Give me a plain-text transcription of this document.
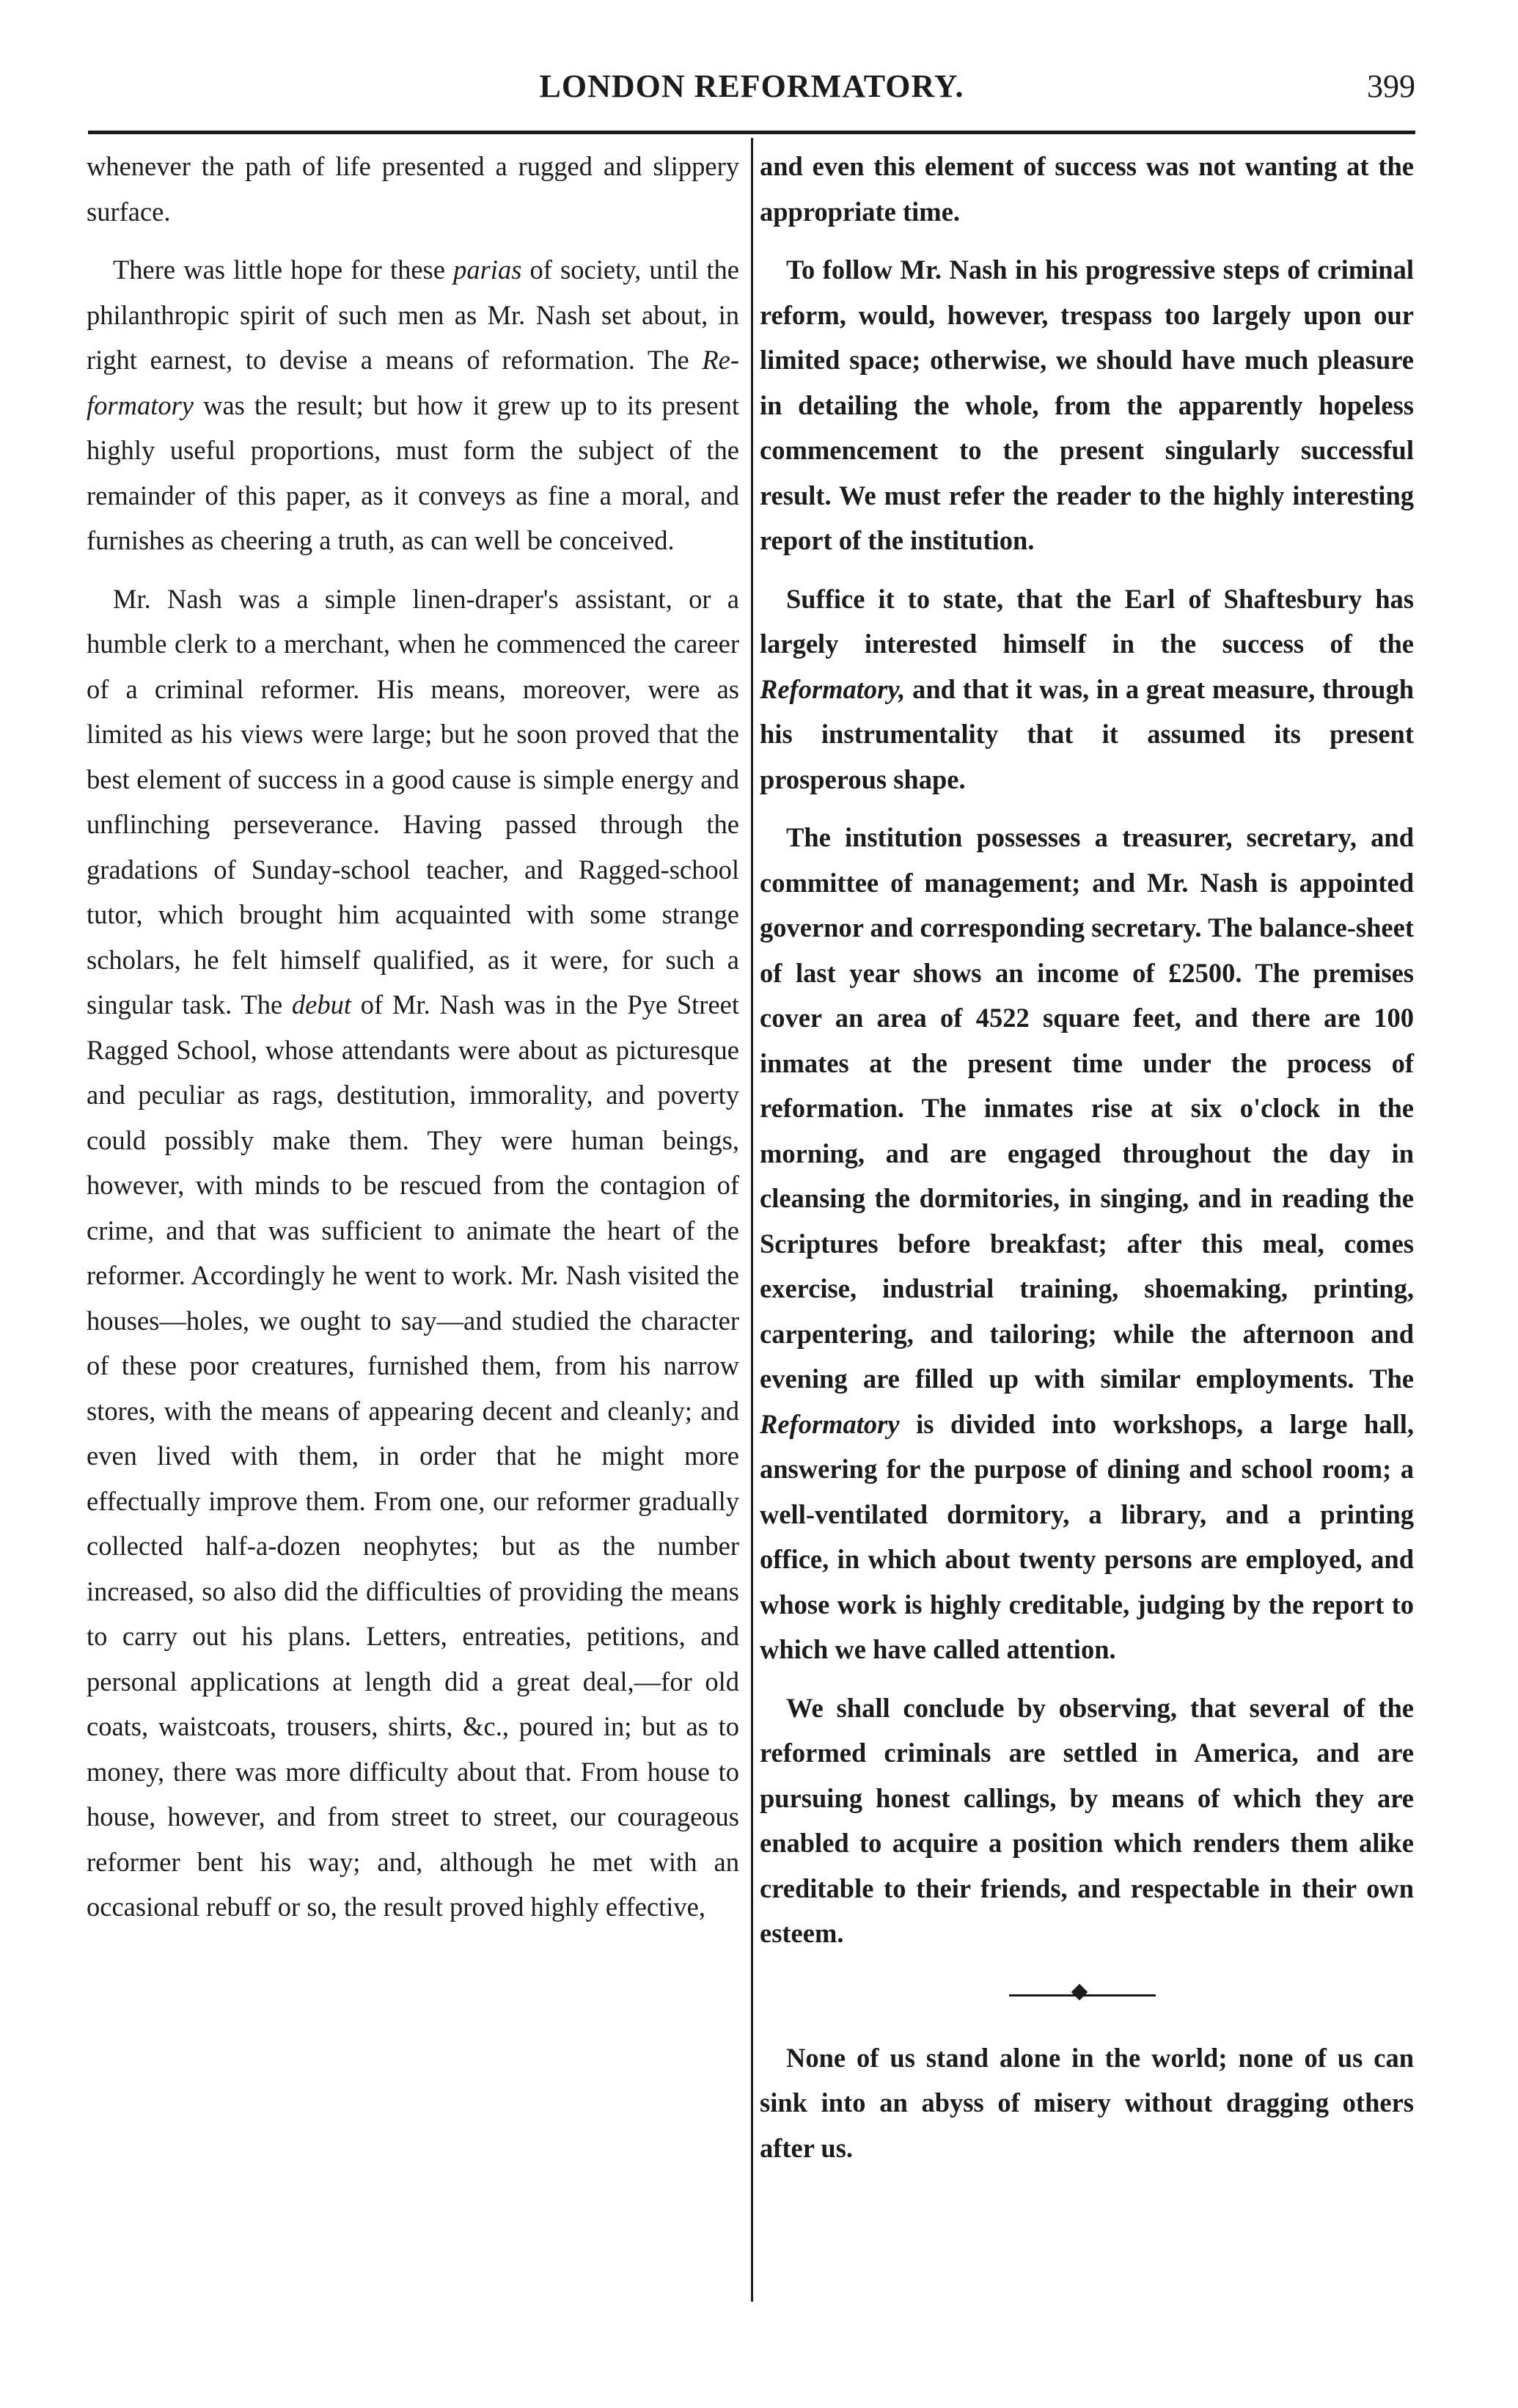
LONDON REFORMATORY.	399

whenever the path of life presented a rugged and slippery surface.

There was little hope for these parias of society, until the philanthropic spirit of such men as Mr. Nash set about, in right earnest, to devise a means of reformation. The Re-formatory was the result; but how it grew up to its present highly useful proportions, must form the subject of the remainder of this paper, as it conveys as fine a moral, and furnishes as cheering a truth, as can well be conceived.

Mr. Nash was a simple linen-draper's assistant, or a humble clerk to a merchant, when he commenced the career of a criminal reformer. His means, moreover, were as limited as his views were large; but he soon proved that the best element of success in a good cause is simple energy and unflinching perseverance. Having passed through the gradations of Sunday-school teacher, and Ragged-school tutor, which brought him acquainted with some strange scholars, he felt himself qualified, as it were, for such a singular task. The debut of Mr. Nash was in the Pye Street Ragged School, whose attendants were about as picturesque and peculiar as rags, destitution, immorality, and poverty could possibly make them. They were human beings, however, with minds to be rescued from the contagion of crime, and that was sufficient to animate the heart of the reformer. Accordingly he went to work. Mr. Nash visited the houses—holes, we ought to say—and studied the character of these poor creatures, furnished them, from his narrow stores, with the means of appearing decent and cleanly; and even lived with them, in order that he might more effectually improve them. From one, our reformer gradually collected half-a-dozen neophytes; but as the number increased, so also did the difficulties of providing the means to carry out his plans. Letters, entreaties, petitions, and personal applications at length did a great deal,—for old coats, waistcoats, trousers, shirts, &c., poured in; but as to money, there was more difficulty about that. From house to house, however, and from street to street, our courageous reformer bent his way; and, although he met with an occasional rebuff or so, the result proved highly effective,

and even this element of success was not wanting at the appropriate time.

To follow Mr. Nash in his progressive steps of criminal reform, would, however, trespass too largely upon our limited space; otherwise, we should have much pleasure in detailing the whole, from the apparently hopeless commencement to the present singularly successful result. We must refer the reader to the highly interesting report of the institution.

Suffice it to state, that the Earl of Shaftesbury has largely interested himself in the success of the Reformatory, and that it was, in a great measure, through his instrumentality that it assumed its present prosperous shape.

The institution possesses a treasurer, secretary, and committee of management; and Mr. Nash is appointed governor and corresponding secretary. The balance-sheet of last year shows an income of £2500. The premises cover an area of 4522 square feet, and there are 100 inmates at the present time under the process of reformation. The inmates rise at six o'clock in the morning, and are engaged throughout the day in cleansing the dormitories, in singing, and in reading the Scriptures before breakfast; after this meal, comes exercise, industrial training, shoemaking, printing, carpentering, and tailoring; while the afternoon and evening are filled up with similar employments. The Reformatory is divided into workshops, a large hall, answering for the purpose of dining and school room; a well-ventilated dormitory, a library, and a printing office, in which about twenty persons are employed, and whose work is highly creditable, judging by the report to which we have called attention.

We shall conclude by observing, that several of the reformed criminals are settled in America, and are pursuing honest callings, by means of which they are enabled to acquire a position which renders them alike creditable to their friends, and respectable in their own esteem.

None of us stand alone in the world; none of us can sink into an abyss of misery without dragging others after us.
